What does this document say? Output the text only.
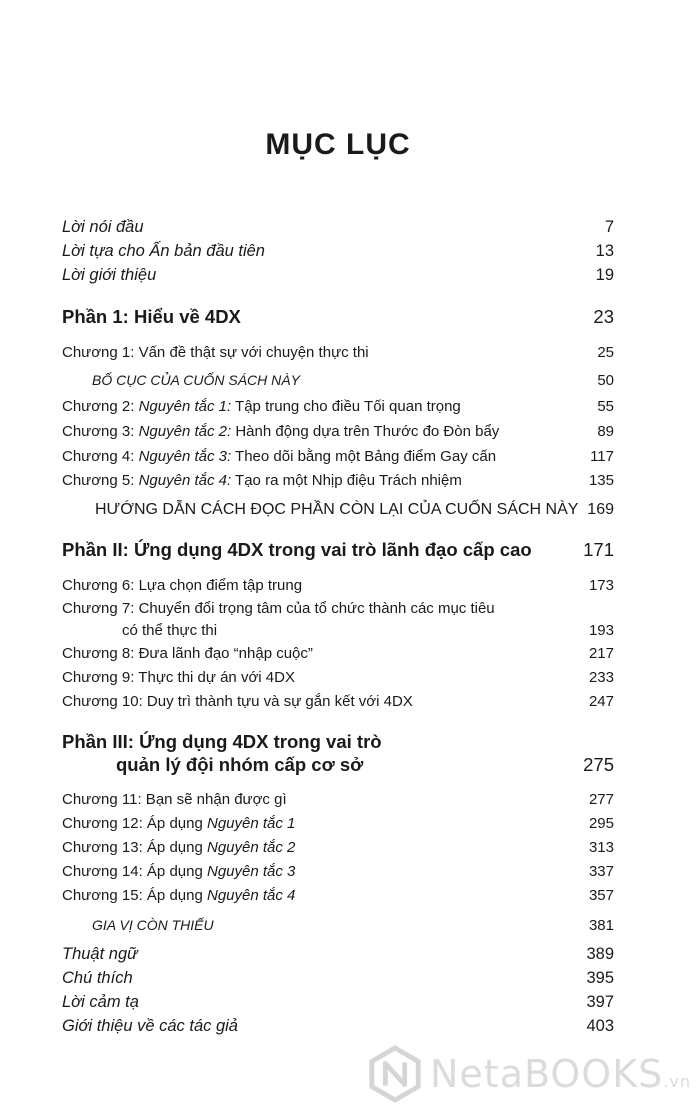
MỤC LỤC
Lời nói đầu	7
Lời tựa cho Ấn bản đầu tiên	13
Lời giới thiệu	19
Phần 1: Hiểu về 4DX	23
Chương 1: Vấn đề thật sự với chuyện thực thi	25
BỐ CỤC CỦA CUỐN SÁCH NÀY	50
Chương 2: Nguyên tắc 1: Tập trung cho điều Tối quan trọng	55
Chương 3: Nguyên tắc 2: Hành động dựa trên Thước đo Đòn bẩy	89
Chương 4: Nguyên tắc 3: Theo dõi bằng một Bảng điểm Gay cấn	117
Chương 5: Nguyên tắc 4: Tạo ra một Nhịp điệu Trách nhiệm	135
HƯỚNG DẪN CÁCH ĐỌC PHẦN CÒN LẠI CỦA CUỐN SÁCH NÀY 169
Phần II: Ứng dụng 4DX trong vai trò lãnh đạo cấp cao	171
Chương 6: Lựa chọn điểm tập trung	173
Chương 7: Chuyển đổi trọng tâm của tổ chức thành các mục tiêu
có thể thực thi	193
Chương 8: Đưa lãnh đạo “nhập cuộc”	217
Chương 9: Thực thi dự án với 4DX	233
Chương 10: Duy trì thành tựu và sự gắn kết với 4DX	247
Phần III: Ứng dụng 4DX trong vai trò
quản lý đội nhóm cấp cơ sở	275
Chương 11: Bạn sẽ nhận được gì	277
Chương 12: Áp dụng Nguyên tắc 1	295
Chương 13: Áp dụng Nguyên tắc 2	313
Chương 14: Áp dụng Nguyên tắc 3	337
Chương 15: Áp dụng Nguyên tắc 4	357
GIA VỊ CÒN THIẾU	381
Thuật ngữ	389
Chú thích	395
Lời cảm tạ	397
Giới thiệu về các tác giả	403
NetaBOOKS.vn
